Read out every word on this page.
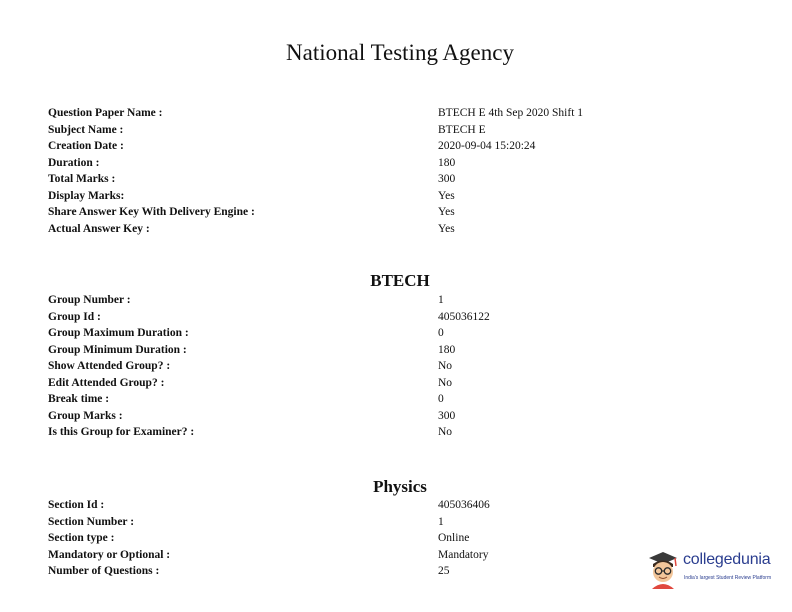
National Testing Agency
Question Paper Name :	BTECH E 4th Sep 2020 Shift 1
Subject Name :	BTECH E
Creation Date :	2020-09-04 15:20:24
Duration :	180
Total Marks :	300
Display Marks:	Yes
Share Answer Key With Delivery Engine :	Yes
Actual Answer Key :	Yes
BTECH
Group Number :	1
Group Id :	405036122
Group Maximum Duration :	0
Group Minimum Duration :	180
Show Attended Group? :	No
Edit Attended Group? :	No
Break time :	0
Group Marks :	300
Is this Group for Examiner? :	No
Physics
Section Id :	405036406
Section Number :	1
Section type :	Online
Mandatory or Optional :	Mandatory
Number of Questions :	25
collegedunia
India's largest Student Review Platform
